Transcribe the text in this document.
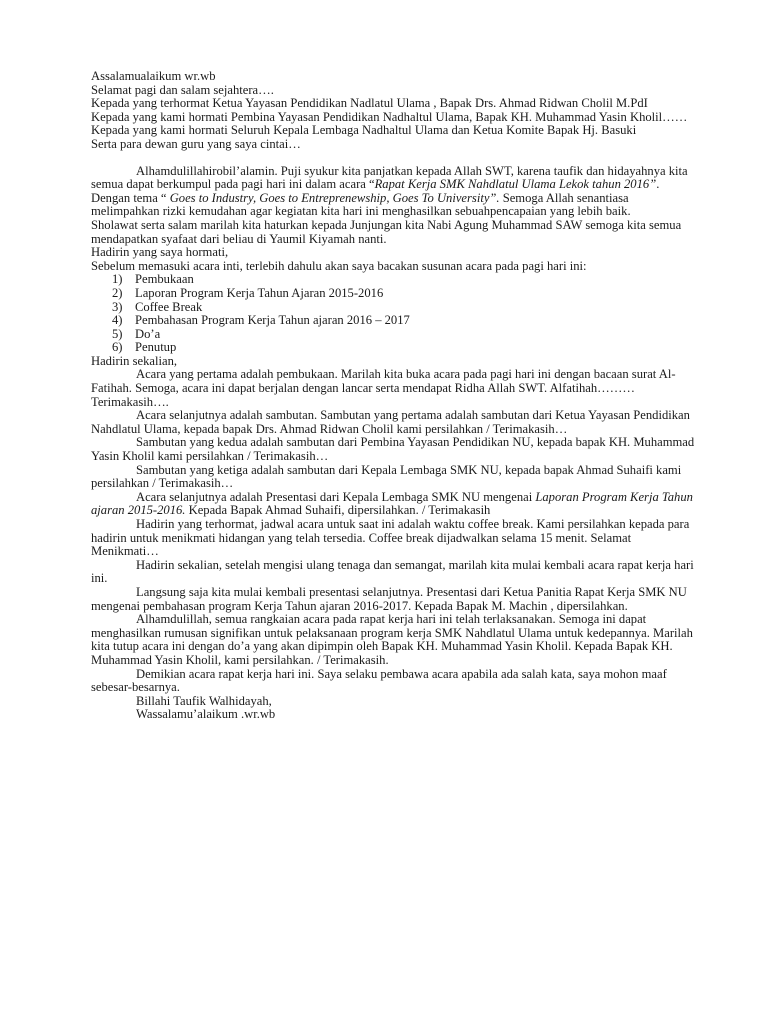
Assalamualaikum wr.wb

Selamat pagi dan salam sejahtera….

Kepada yang terhormat Ketua Yayasan Pendidikan Nadlatul Ulama , Bapak Drs. Ahmad Ridwan Cholil M.PdI

Kepada yang kami hormati Pembina Yayasan Pendidikan Nadhaltul Ulama, Bapak KH. Muhammad Yasin Kholil……

Kepada yang kami hormati Seluruh Kepala Lembaga Nadhaltul Ulama dan Ketua Komite Bapak Hj. Basuki

Serta para dewan guru yang saya cintai…

Alhamdulillahirobil’alamin. Puji syukur kita panjatkan kepada Allah SWT, karena taufik dan hidayahnya kita semua dapat berkumpul pada pagi hari ini dalam acara “Rapat Kerja SMK Nahdlatul Ulama Lekok tahun 2016”. Dengan tema “ Goes to Industry, Goes to Entreprenewship, Goes To University”. Semoga Allah senantiasa melimpahkan rizki kemudahan agar kegiatan kita hari ini menghasilkan sebuahpencapaian yang lebih baik.

Sholawat serta salam marilah kita haturkan kepada Junjungan kita Nabi Agung Muhammad SAW semoga kita semua mendapatkan syafaat dari beliau di Yaumil Kiyamah nanti.

Hadirin yang saya hormati,

Sebelum memasuki acara inti, terlebih dahulu akan saya bacakan susunan acara pada pagi hari ini:

1) Pembukaan
2) Laporan Program Kerja Tahun Ajaran 2015-2016
3) Coffee Break
4) Pembahasan Program Kerja Tahun ajaran 2016 – 2017
5) Do’a
6) Penutup

Hadirin sekalian,

Acara yang pertama adalah pembukaan. Marilah kita buka acara pada pagi hari ini dengan bacaan surat Al-Fatihah. Semoga, acara ini dapat berjalan dengan lancar serta mendapat Ridha Allah SWT. Alfatihah………

Terimakasih….

Acara selanjutnya adalah sambutan. Sambutan yang pertama adalah sambutan dari Ketua Yayasan Pendidikan Nahdlatul Ulama, kepada bapak Drs. Ahmad Ridwan Cholil kami persilahkan / Terimakasih…

Sambutan yang kedua adalah sambutan dari Pembina Yayasan Pendidikan NU, kepada bapak KH. Muhammad Yasin Kholil kami persilahkan / Terimakasih…

Sambutan yang ketiga adalah sambutan dari Kepala Lembaga SMK NU, kepada bapak Ahmad Suhaifi kami persilahkan / Terimakasih…

Acara selanjutnya adalah Presentasi dari Kepala Lembaga SMK NU mengenai Laporan Program Kerja Tahun ajaran 2015-2016. Kepada Bapak Ahmad Suhaifi, dipersilahkan. / Terimakasih

Hadirin yang terhormat, jadwal acara untuk saat ini adalah waktu coffee break. Kami persilahkan kepada para hadirin untuk menikmati hidangan yang telah tersedia. Coffee break dijadwalkan selama 15 menit. Selamat Menikmati…

Hadirin sekalian, setelah mengisi ulang tenaga dan semangat, marilah kita mulai kembali acara rapat kerja hari ini.

Langsung saja kita mulai kembali presentasi selanjutnya. Presentasi dari Ketua Panitia Rapat Kerja SMK NU mengenai pembahasan program Kerja Tahun ajaran 2016-2017. Kepada Bapak M. Machin , dipersilahkan.

Alhamdulillah, semua rangkaian acara pada rapat kerja hari ini telah terlaksanakan. Semoga ini dapat menghasilkan rumusan signifikan untuk pelaksanaan program kerja SMK Nahdlatul Ulama untuk kedepannya. Marilah kita tutup acara ini dengan do’a yang akan dipimpin oleh Bapak KH. Muhammad Yasin Kholil. Kepada Bapak KH. Muhammad Yasin Kholil, kami persilahkan. / Terimakasih.

Demikian acara rapat kerja hari ini. Saya selaku pembawa acara apabila ada salah kata, saya mohon maaf sebesar-besarnya.

Billahi Taufik Walhidayah,

Wassalamu’alaikum .wr.wb
